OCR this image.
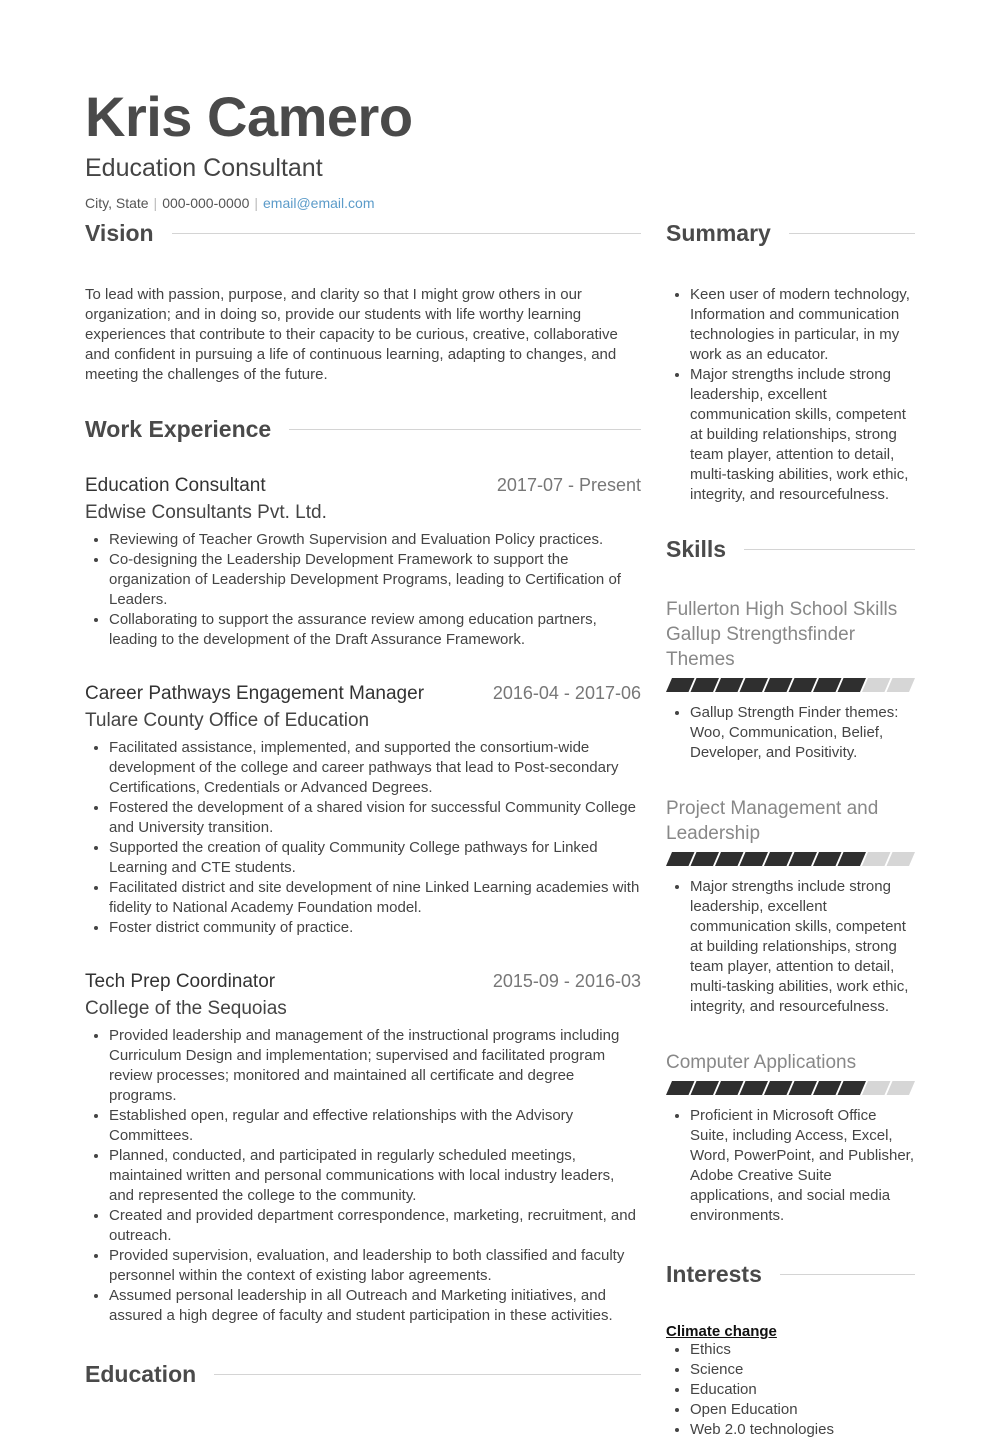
Kris Camero
Education Consultant
City, State | 000-000-0000 | email@email.com
Vision

To lead with passion, purpose, and clarity so that I might grow others in our organization; and in doing so, provide our students with life worthy learning experiences that contribute to their capacity to be curious, creative, collaborative and confident in pursuing a life of continuous learning, adapting to changes, and meeting the challenges of the future.

Work Experience
Education Consultant	2017-07 - Present
Edwise Consultants Pvt. Ltd.
• Reviewing of Teacher Growth Supervision and Evaluation Policy practices.
• Co-designing the Leadership Development Framework to support the organization of Leadership Development Programs, leading to Certification of Leaders.
• Collaborating to support the assurance review among education partners, leading to the development of the Draft Assurance Framework.
Career Pathways Engagement Manager	2016-04 - 2017-06
Tulare County Office of Education
• Facilitated assistance, implemented, and supported the consortium-wide development of the college and career pathways that lead to Post-secondary Certifications, Credentials or Advanced Degrees.
• Fostered the development of a shared vision for successful Community College and University transition.
• Supported the creation of quality Community College pathways for Linked Learning and CTE students.
• Facilitated district and site development of nine Linked Learning academies with fidelity to National Academy Foundation model.
• Foster district community of practice.
Tech Prep Coordinator	2015-09 - 2016-03
College of the Sequoias
• Provided leadership and management of the instructional programs including Curriculum Design and implementation; supervised and facilitated program review processes; monitored and maintained all certificate and degree programs.
• Established open, regular and effective relationships with the Advisory Committees.
• Planned, conducted, and participated in regularly scheduled meetings, maintained written and personal communications with local industry leaders, and represented the college to the community.
• Created and provided department correspondence, marketing, recruitment, and outreach.
• Provided supervision, evaluation, and leadership to both classified and faculty personnel within the context of existing labor agreements.
• Assumed personal leadership in all Outreach and Marketing initiatives, and assured a high degree of faculty and student participation in these activities.
Education
Summary
• Keen user of modern technology, Information and communication technologies in particular, in my work as an educator.
• Major strengths include strong leadership, excellent communication skills, competent at building relationships, strong team player, attention to detail, multi-tasking abilities, work ethic, integrity, and resourcefulness.
Skills
Fullerton High School Skills Gallup Strengthsfinder Themes
• Gallup Strength Finder themes: Woo, Communication, Belief, Developer, and Positivity.
Project Management and Leadership
• Major strengths include strong leadership, excellent communication skills, competent at building relationships, strong team player, attention to detail, multi-tasking abilities, work ethic, integrity, and resourcefulness.
Computer Applications
• Proficient in Microsoft Office Suite, including Access, Excel, Word, PowerPoint, and Publisher, Adobe Creative Suite applications, and social media environments.
Interests
Climate change
• Ethics
• Science
• Education
• Open Education
• Web 2.0 technologies
